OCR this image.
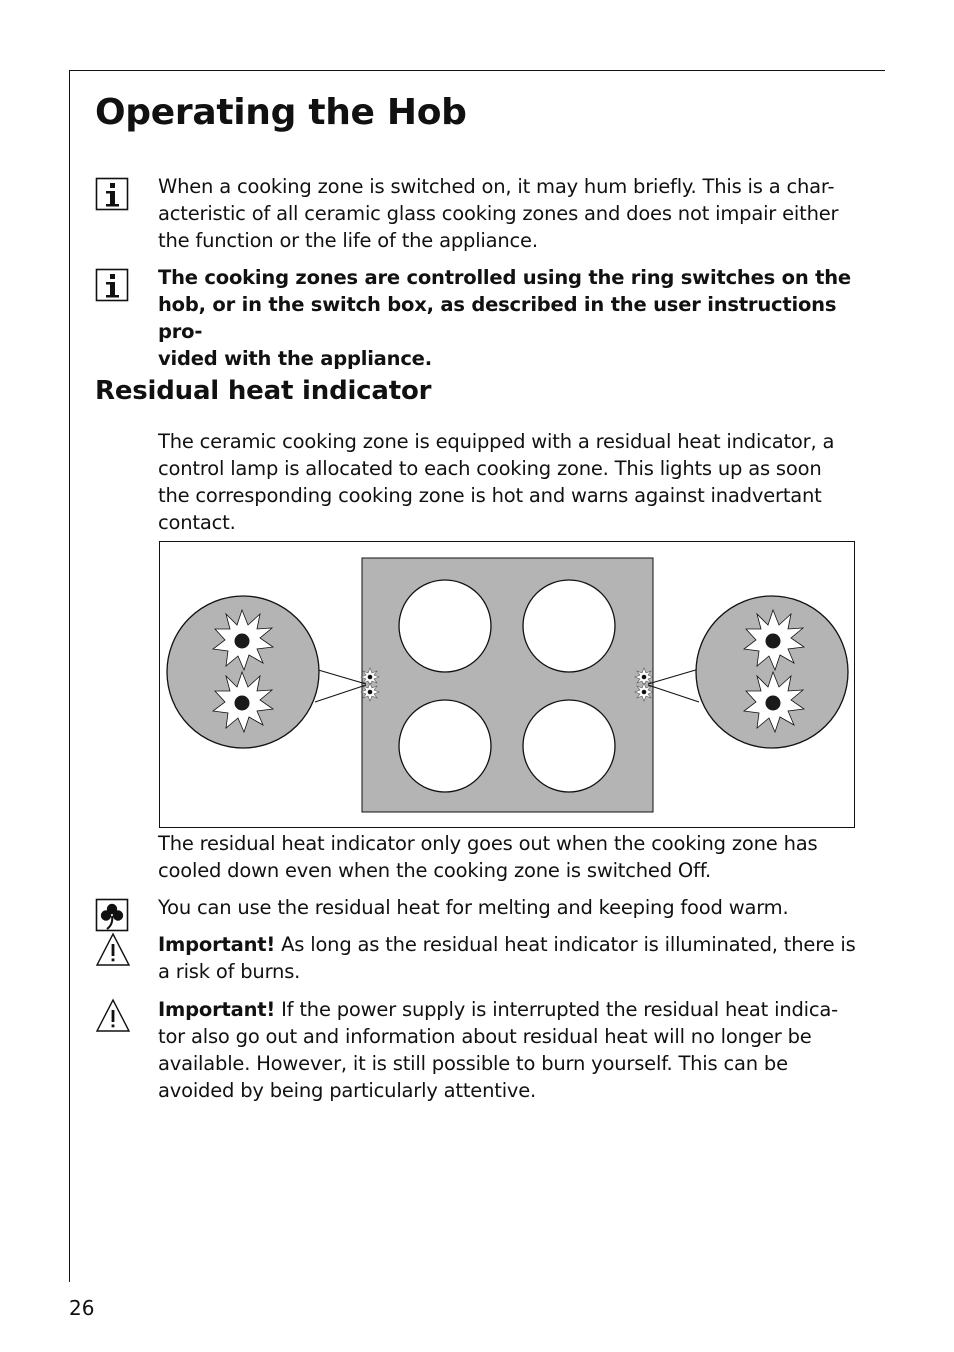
Operating the Hob

When a cooking zone is switched on, it may hum briefly. This is a char-
acteristic of all ceramic glass cooking zones and does not impair either
the function or the life of the appliance.

The cooking zones are controlled using the ring switches on the
hob, or in the switch box, as described in the user instructions pro-
vided with the appliance.

Residual heat indicator

The ceramic cooking zone is equipped with a residual heat indicator, a
control lamp is allocated to each cooking zone. This lights up as soon
the corresponding cooking zone is hot and warns against inadvertant
contact.

The residual heat indicator only goes out when the cooking zone has
cooled down even when the cooking zone is switched Off.

You can use the residual heat for melting and keeping food warm.

Important! As long as the residual heat indicator is illuminated, there is
a risk of burns.

Important! If the power supply is interrupted the residual heat indica-
tor also go out and information about residual heat will no longer be
available. However, it is still possible to burn yourself. This can be
avoided by being particularly attentive.

26
